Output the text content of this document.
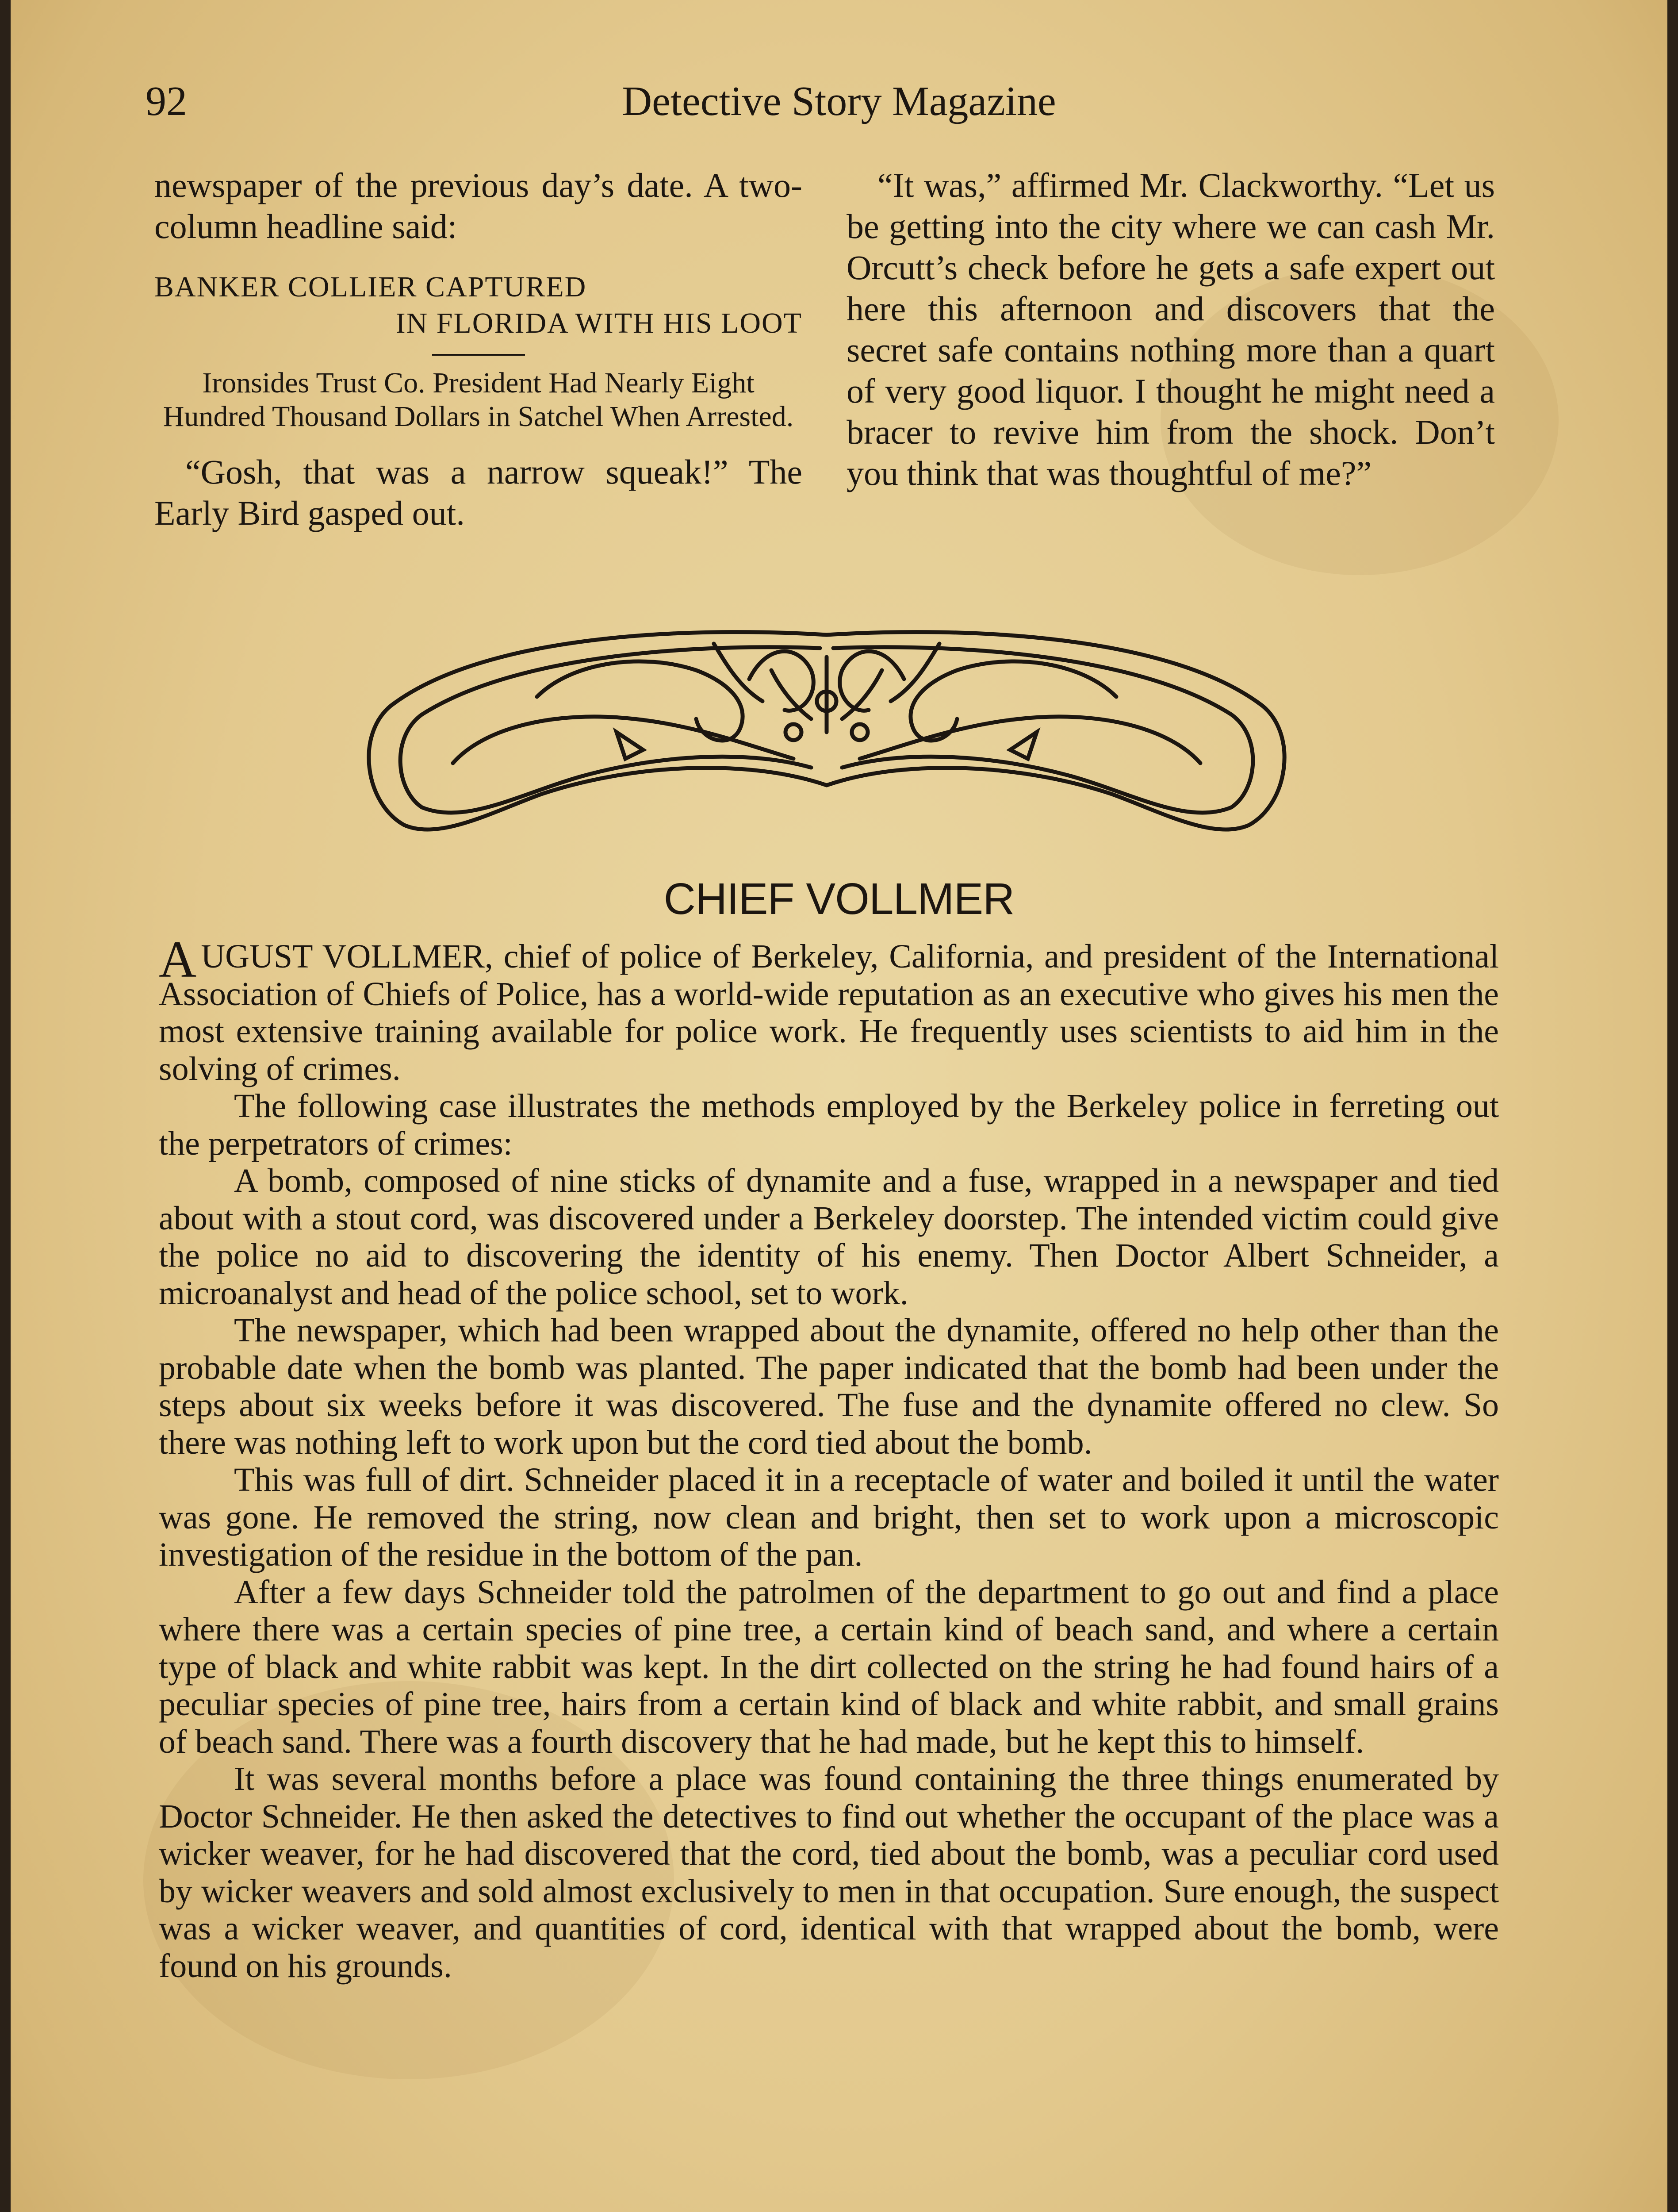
Detective Story Magazine
92

newspaper of the previous day’s date. A two-column headline said:

BANKER COLLIER CAPTURED
IN FLORIDA WITH HIS LOOT
Ironsides Trust Co. President Had Nearly Eight Hundred Thousand Dollars in Satchel When Arrested.

“Gosh, that was a narrow squeak!” The Early Bird gasped out.

“It was,” affirmed Mr. Clackworthy. “Let us be getting into the city where we can cash Mr. Orcutt’s check before he gets a safe expert out here this afternoon and discovers that the secret safe contains nothing more than a quart of very good liquor. I thought he might need a bracer to revive him from the shock. Don’t you think that was thoughtful of me?”

CHIEF VOLLMER

AUGUST VOLLMER, chief of police of Berkeley, California, and president of the International Association of Chiefs of Police, has a world-wide reputation as an executive who gives his men the most extensive training available for police work. He frequently uses scientists to aid him in the solving of crimes.

The following case illustrates the methods employed by the Berkeley police in ferreting out the perpetrators of crimes:

A bomb, composed of nine sticks of dynamite and a fuse, wrapped in a newspaper and tied about with a stout cord, was discovered under a Berkeley doorstep. The intended victim could give the police no aid to discovering the identity of his enemy. Then Doctor Albert Schneider, a microanalyst and head of the police school, set to work.

The newspaper, which had been wrapped about the dynamite, offered no help other than the probable date when the bomb was planted. The paper indicated that the bomb had been under the steps about six weeks before it was discovered. The fuse and the dynamite offered no clew. So there was nothing left to work upon but the cord tied about the bomb.

This was full of dirt. Schneider placed it in a receptacle of water and boiled it until the water was gone. He removed the string, now clean and bright, then set to work upon a microscopic investigation of the residue in the bottom of the pan.

After a few days Schneider told the patrolmen of the department to go out and find a place where there was a certain species of pine tree, a certain kind of beach sand, and where a certain type of black and white rabbit was kept. In the dirt collected on the string he had found hairs of a peculiar species of pine tree, hairs from a certain kind of black and white rabbit, and small grains of beach sand. There was a fourth discovery that he had made, but he kept this to himself.

It was several months before a place was found containing the three things enumerated by Doctor Schneider. He then asked the detectives to find out whether the occupant of the place was a wicker weaver, for he had discovered that the cord, tied about the bomb, was a peculiar cord used by wicker weavers and sold almost exclusively to men in that occupation. Sure enough, the suspect was a wicker weaver, and quantities of cord, identical with that wrapped about the bomb, were found on his grounds.
